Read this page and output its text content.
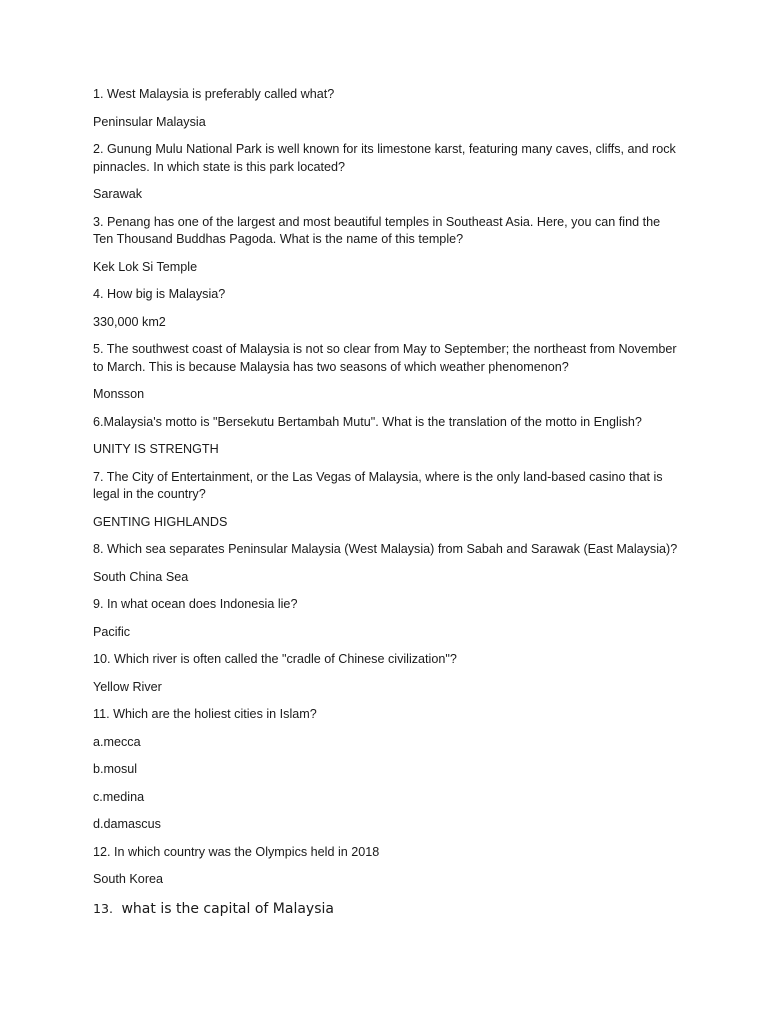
1. West Malaysia is preferably called what?

Peninsular Malaysia

2. Gunung Mulu National Park is well known for its limestone karst, featuring many caves, cliffs, and rock pinnacles. In which state is this park located?

Sarawak

3. Penang has one of the largest and most beautiful temples in Southeast Asia. Here, you can find the Ten Thousand Buddhas Pagoda. What is the name of this temple?

Kek Lok Si Temple

4. How big is Malaysia?

330,000 km2

5. The southwest coast of Malaysia is not so clear from May to September; the northeast from November to March. This is because Malaysia has two seasons of which weather phenomenon?

Monsson

6.Malaysia's motto is "Bersekutu Bertambah Mutu". What is the translation of the motto in English?

UNITY IS STRENGTH

7. The City of Entertainment, or the Las Vegas of Malaysia, where is the only land-based casino that is legal in the country?

GENTING HIGHLANDS

8. Which sea separates Peninsular Malaysia (West Malaysia) from Sabah and Sarawak (East Malaysia)?

South China Sea

9. In what ocean does Indonesia lie?

Pacific

10. Which river is often called the "cradle of Chinese civilization"?

Yellow River

11. Which are the holiest cities in Islam?

a.mecca

b.mosul

c.medina

d.damascus

12. In which country was the Olympics held in 2018

South Korea

13. what is the capital of Malaysia
